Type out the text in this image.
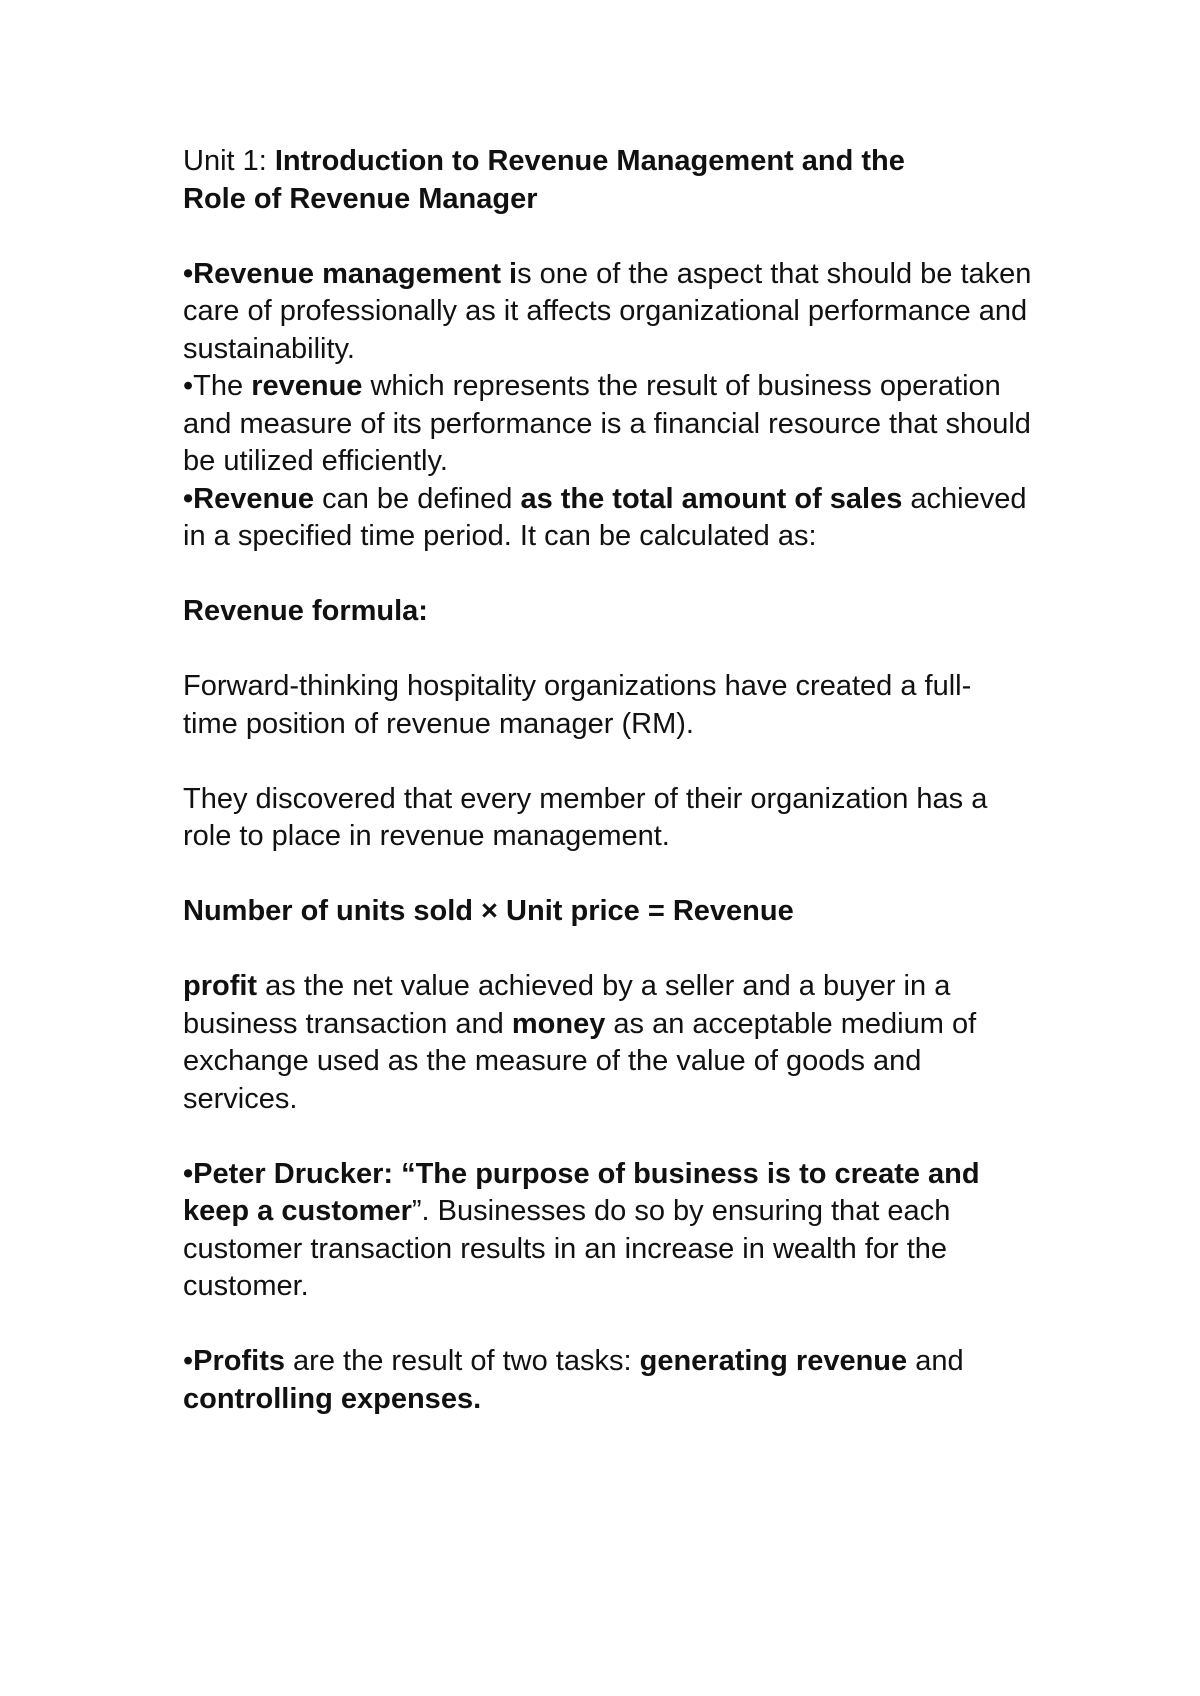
Unit 1: Introduction to Revenue Management and the
Role of Revenue Manager

•Revenue management is one of the aspect that should be taken care of professionally as it affects organizational performance and sustainability.

•The revenue which represents the result of business operation and measure of its performance is a financial resource that should be utilized efficiently.

•Revenue can be defined as the total amount of sales achieved in a specified time period. It can be calculated as:

Revenue formula:

Forward-thinking hospitality organizations have created a full-
time position of revenue manager (RM).

They discovered that every member of their organization has a
role to place in revenue management.

Number of units sold × Unit price = Revenue

profit as the net value achieved by a seller and a buyer in a business transaction and money as an acceptable medium of exchange used as the measure of the value of goods and services.

•Peter Drucker: “The purpose of business is to create and keep a customer”. Businesses do so by ensuring that each customer transaction results in an increase in wealth for the customer.

•Profits are the result of two tasks: generating revenue and controlling expenses.
